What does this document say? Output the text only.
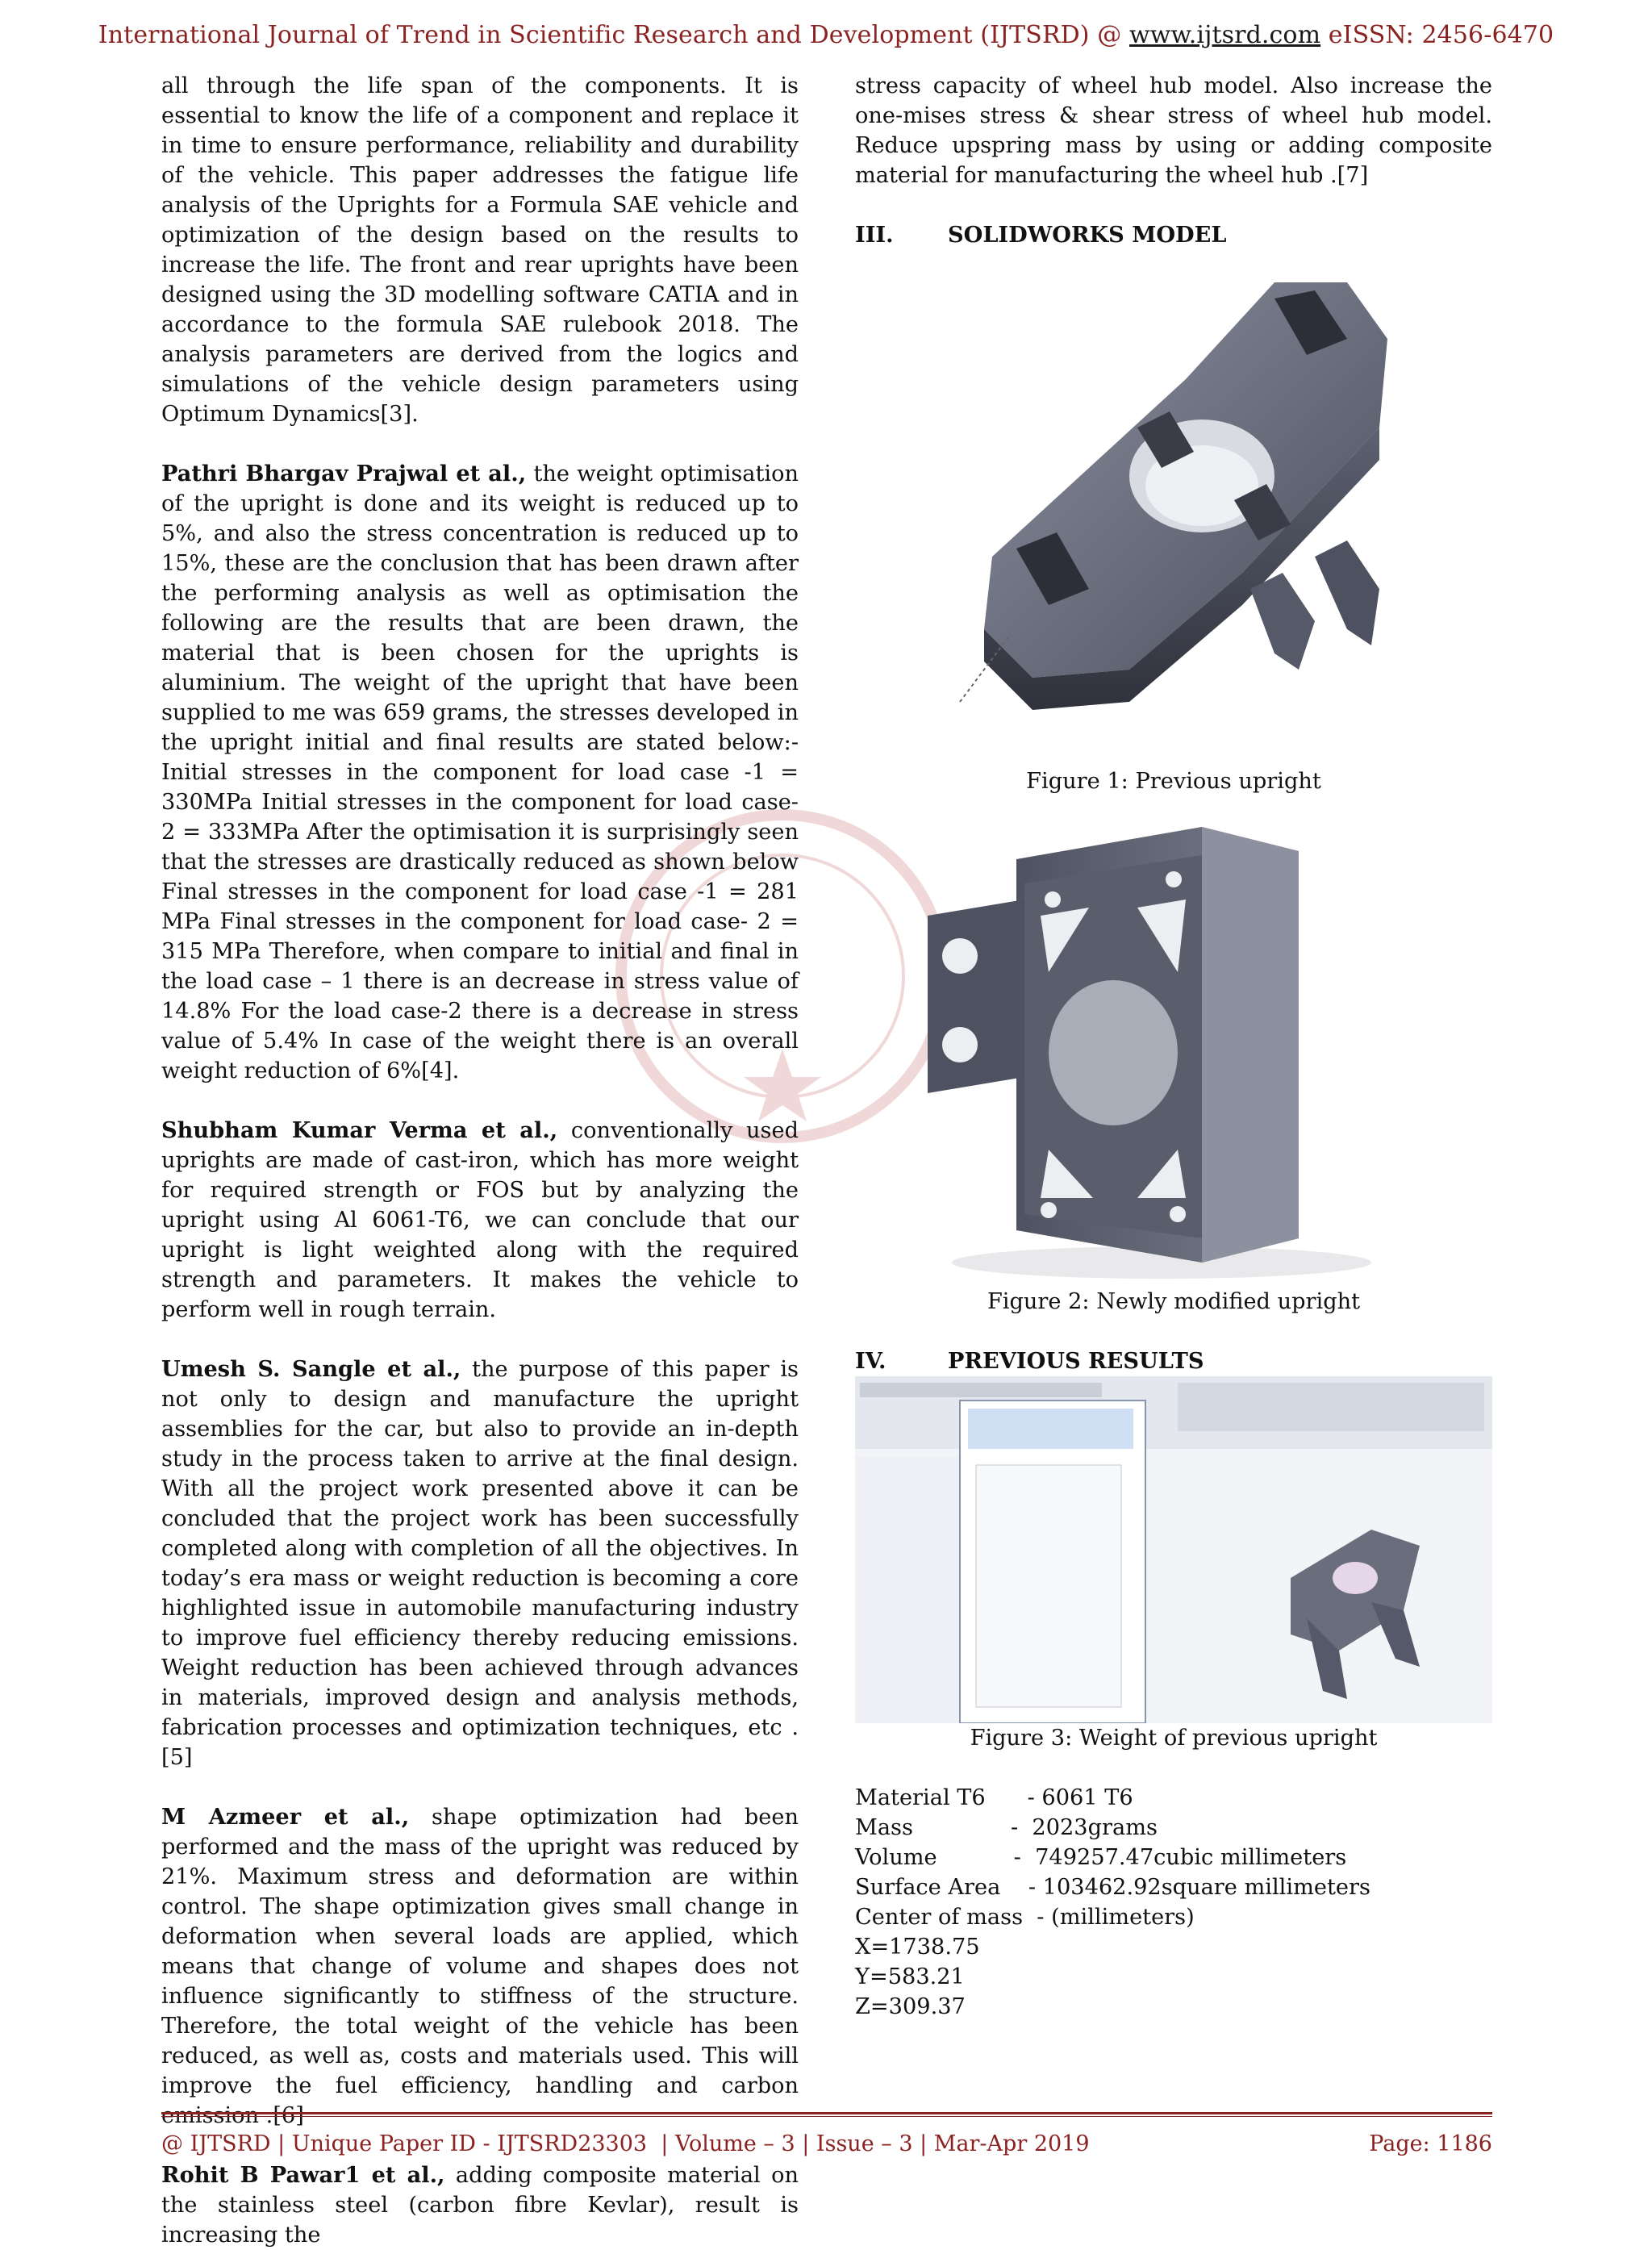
International Journal of Trend in Scientific Research and Development (IJTSRD) @ www.ijtsrd.com eISSN: 2456-6470

all through the life span of the components. It is essential to know the life of a component and replace it in time to ensure performance, reliability and durability of the vehicle. This paper addresses the fatigue life analysis of the Uprights for a Formula SAE vehicle and optimization of the design based on the results to increase the life. The front and rear uprights have been designed using the 3D modelling software CATIA and in accordance to the formula SAE rulebook 2018. The analysis parameters are derived from the logics and simulations of the vehicle design parameters using Optimum Dynamics[3].

Pathri Bhargav Prajwal et al., the weight optimisation of the upright is done and its weight is reduced up to 5%, and also the stress concentration is reduced up to 15%, these are the conclusion that has been drawn after the performing analysis as well as optimisation the following are the results that are been drawn, the material that is been chosen for the uprights is aluminium. The weight of the upright that have been supplied to me was 659 grams, the stresses developed in the upright initial and final results are stated below:- Initial stresses in the component for load case -1 = 330MPa Initial stresses in the component for load case- 2 = 333MPa After the optimisation it is surprisingly seen that the stresses are drastically reduced as shown below Final stresses in the component for load case -1 = 281 MPa Final stresses in the component for load case- 2 = 315 MPa Therefore, when compare to initial and final in the load case – 1 there is an decrease in stress value of 14.8% For the load case-2 there is a decrease in stress value of 5.4% In case of the weight there is an overall weight reduction of 6%[4].

Shubham Kumar Verma et al., conventionally used uprights are made of cast-iron, which has more weight for required strength or FOS but by analyzing the upright using Al 6061-T6, we can conclude that our upright is light weighted along with the required strength and parameters. It makes the vehicle to perform well in rough terrain.

Umesh S. Sangle et al., the purpose of this paper is not only to design and manufacture the upright assemblies for the car, but also to provide an in-depth study in the process taken to arrive at the final design. With all the project work presented above it can be concluded that the project work has been successfully completed along with completion of all the objectives. In today’s era mass or weight reduction is becoming a core highlighted issue in automobile manufacturing industry to improve fuel efficiency thereby reducing emissions. Weight reduction has been achieved through advances in materials, improved design and analysis methods, fabrication processes and optimization techniques, etc .[5]

M Azmeer et al., shape optimization had been performed and the mass of the upright was reduced by 21%. Maximum stress and deformation are within control. The shape optimization gives small change in deformation when several loads are applied, which means that change of volume and shapes does not influence significantly to stiffness of the structure. Therefore, the total weight of the vehicle has been reduced, as well as, costs and materials used. This will improve the fuel efficiency, handling and carbon

Rohit B Pawar1 et al., adding composite material on the stainless steel (carbon fibre Kevlar), result is increasing the

stress capacity of wheel hub model. Also increase the one-mises stress & shear stress of wheel hub model. Reduce upspring mass by using or adding composite material for manufacturing the wheel hub .[7]

III. SOLIDWORKS MODEL

Figure 1: Previous upright

Figure 2: Newly modified upright

IV.	PREVIOUS RESULTS

Figure 3: Weight of previous upright

Material T6      - 6061 T6

Mass              -  2023grams

Volume           -  749257.47cubic millimeters

Surface Area    - 103462.92square millimeters

Center of mass  - (millimeters)

X=1738.75

Y=583.21

Z=309.37

@ IJTSRD | Unique Paper ID - IJTSRD23303  | Volume – 3 | Issue – 3 | Mar-Apr 2019	Page: 1186
